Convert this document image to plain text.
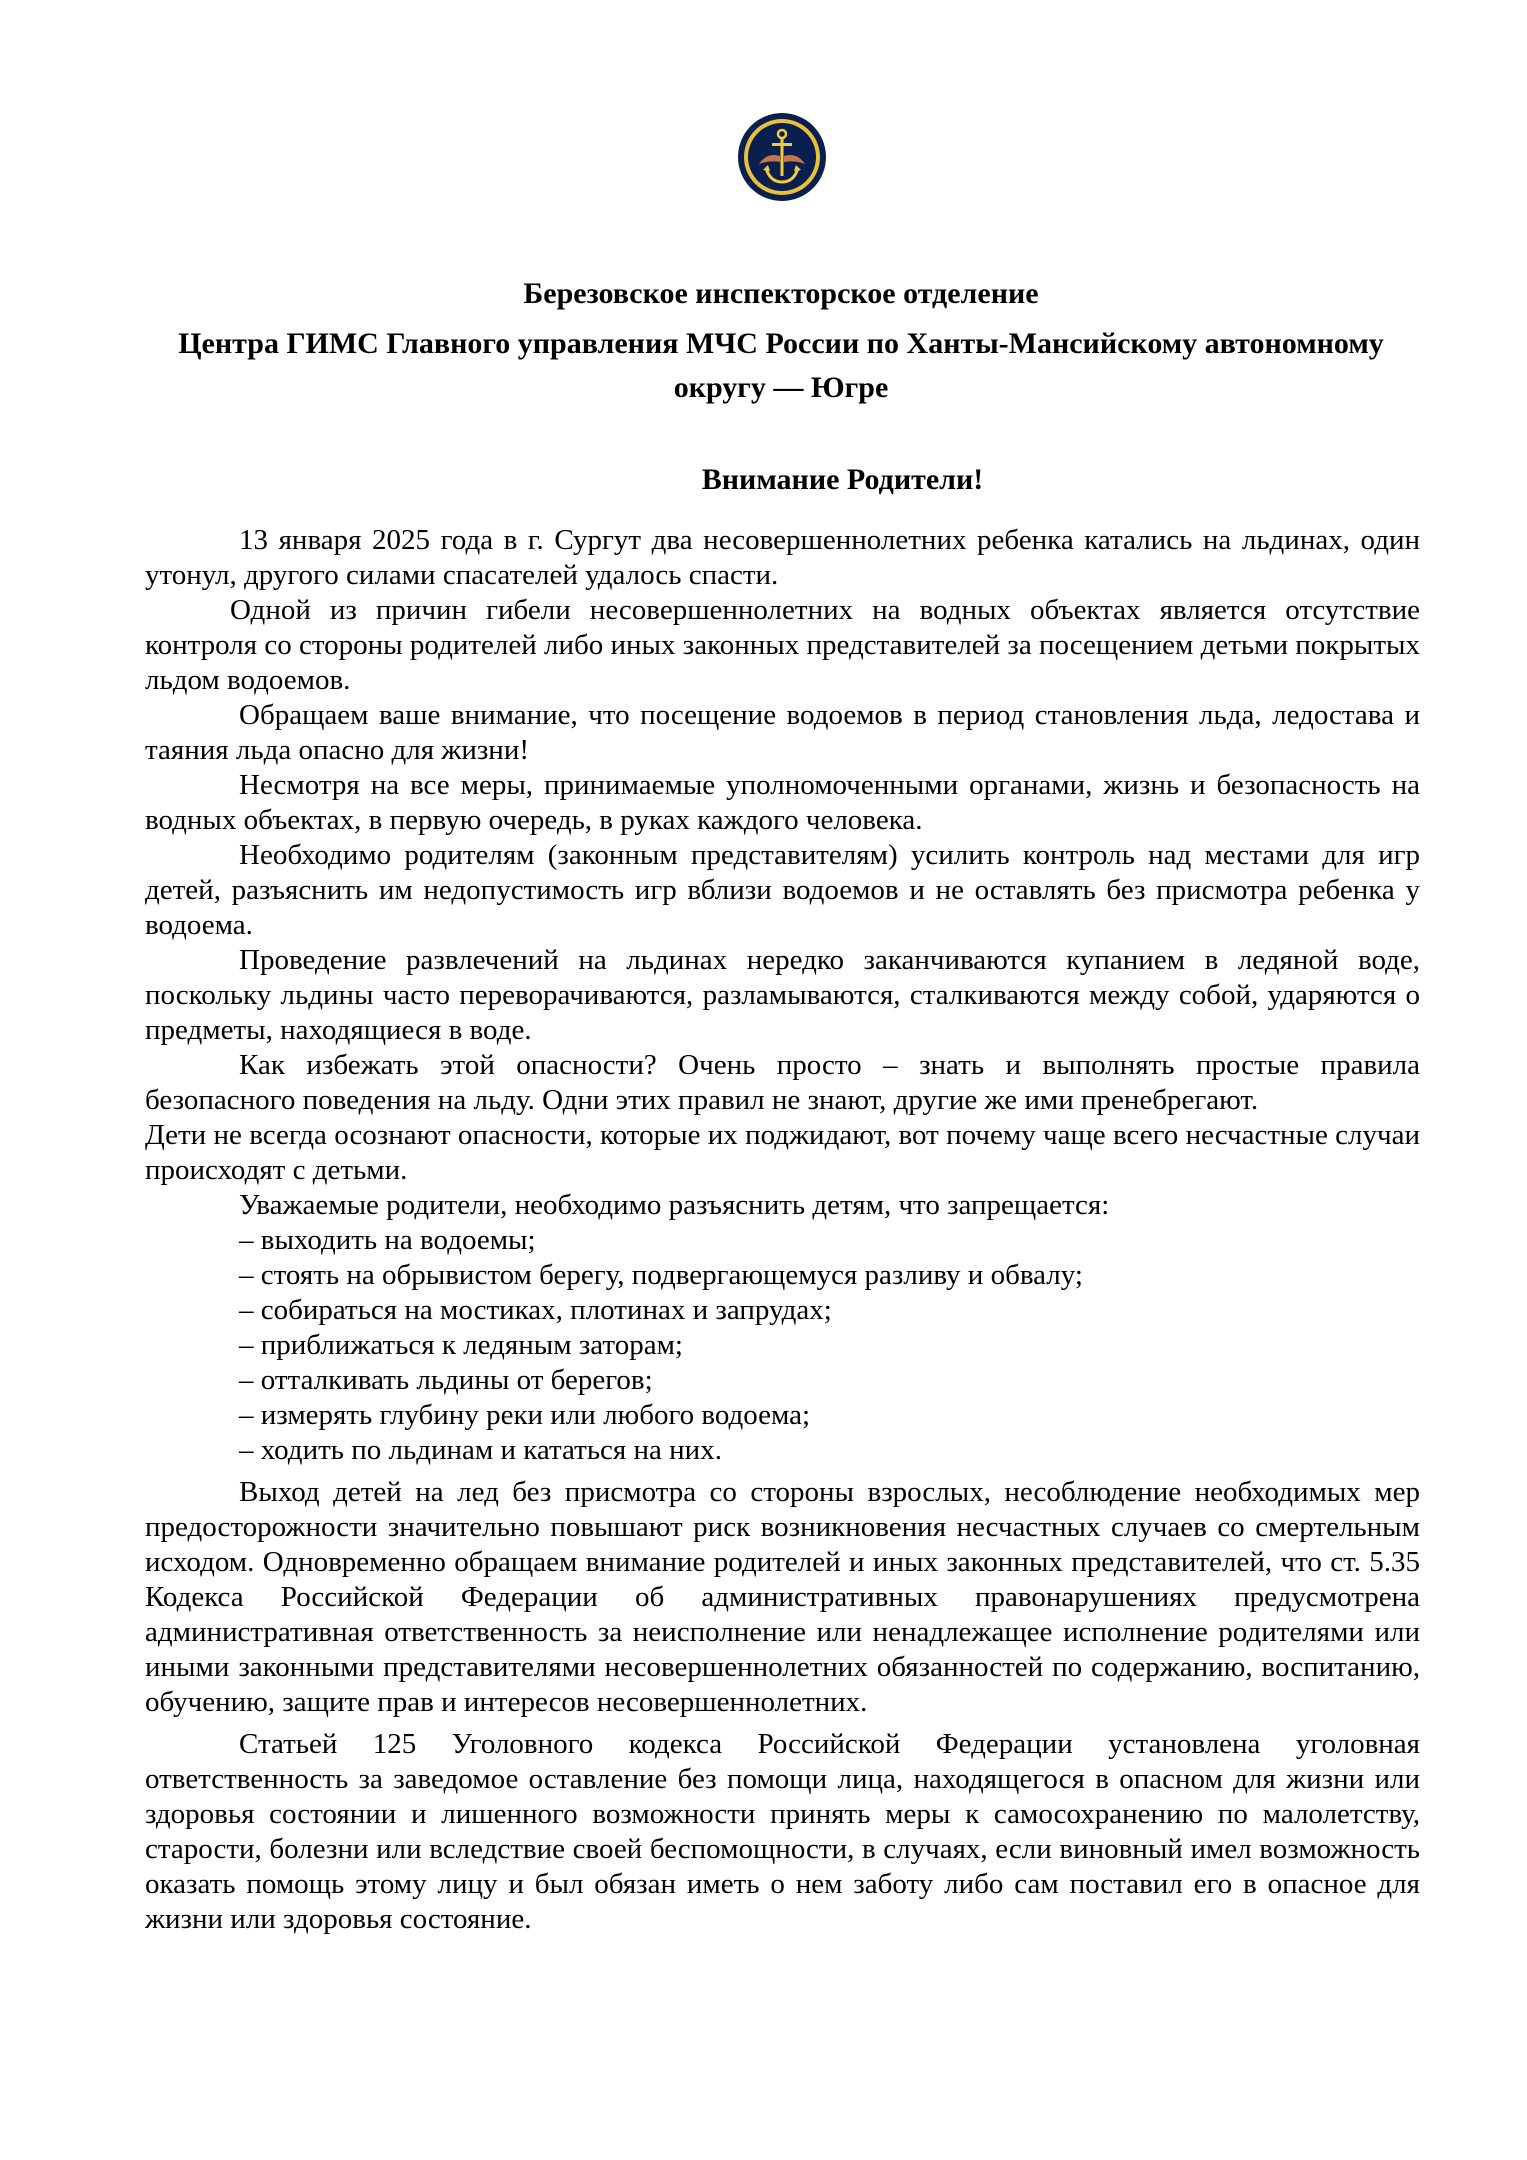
Березовское инспекторское отделение
Центра ГИМС Главного управления МЧС России по Ханты-Мансийскому автономному округу — Югре
Внимание Родители!

13 января 2025 года в г. Сургут два несовершеннолетних ребенка катались на льдинах, один утонул, другого силами спасателей удалось спасти.

Одной из причин гибели несовершеннолетних на водных объектах является отсутствие контроля со стороны родителей либо иных законных представителей за посещением детьми покрытых льдом водоемов.

Обращаем ваше внимание, что посещение водоемов в период становления льда, ледостава и таяния льда опасно для жизни!

Несмотря на все меры, принимаемые уполномоченными органами, жизнь и безопасность на водных объектах, в первую очередь, в руках каждого человека.

Необходимо родителям (законным представителям) усилить контроль над местами для игр детей, разъяснить им недопустимость игр вблизи водоемов и не оставлять без присмотра ребенка у водоема.

Проведение развлечений на льдинах нередко заканчиваются купанием в ледяной воде, поскольку льдины часто переворачиваются, разламываются, сталкиваются между собой, ударяются о предметы, находящиеся в воде.

Как избежать этой опасности? Очень просто – знать и выполнять простые правила безопасного поведения на льду. Одни этих правил не знают, другие же ими пренебрегают.

Дети не всегда осознают опасности, которые их поджидают, вот почему чаще всего несчастные случаи происходят с детьми.

Уважаемые родители, необходимо разъяснить детям, что запрещается:

– выходить на водоемы;
– стоять на обрывистом берегу, подвергающемуся разливу и обвалу;
– собираться на мостиках, плотинах и запрудах;
– приближаться к ледяным заторам;
– отталкивать льдины от берегов;
– измерять глубину реки или любого водоема;
– ходить по льдинам и кататься на них.

Выход детей на лед без присмотра со стороны взрослых, несоблюдение необходимых мер предосторожности значительно повышают риск возникновения несчастных случаев со смертельным исходом. Одновременно обращаем внимание родителей и иных законных представителей, что ст. 5.35 Кодекса Российской Федерации об административных правонарушениях предусмотрена административная ответственность за неисполнение или ненадлежащее исполнение родителями или иными законными представителями несовершеннолетних обязанностей по содержанию, воспитанию, обучению, защите прав и интересов несовершеннолетних.

Статьей 125 Уголовного кодекса Российской Федерации установлена уголовная ответственность за заведомое оставление без помощи лица, находящегося в опасном для жизни или здоровья состоянии и лишенного возможности принять меры к самосохранению по малолетству, старости, болезни или вследствие своей беспомощности, в случаях, если виновный имел возможность оказать помощь этому лицу и был обязан иметь о нем заботу либо сам поставил его в опасное для жизни или здоровья состояние.
